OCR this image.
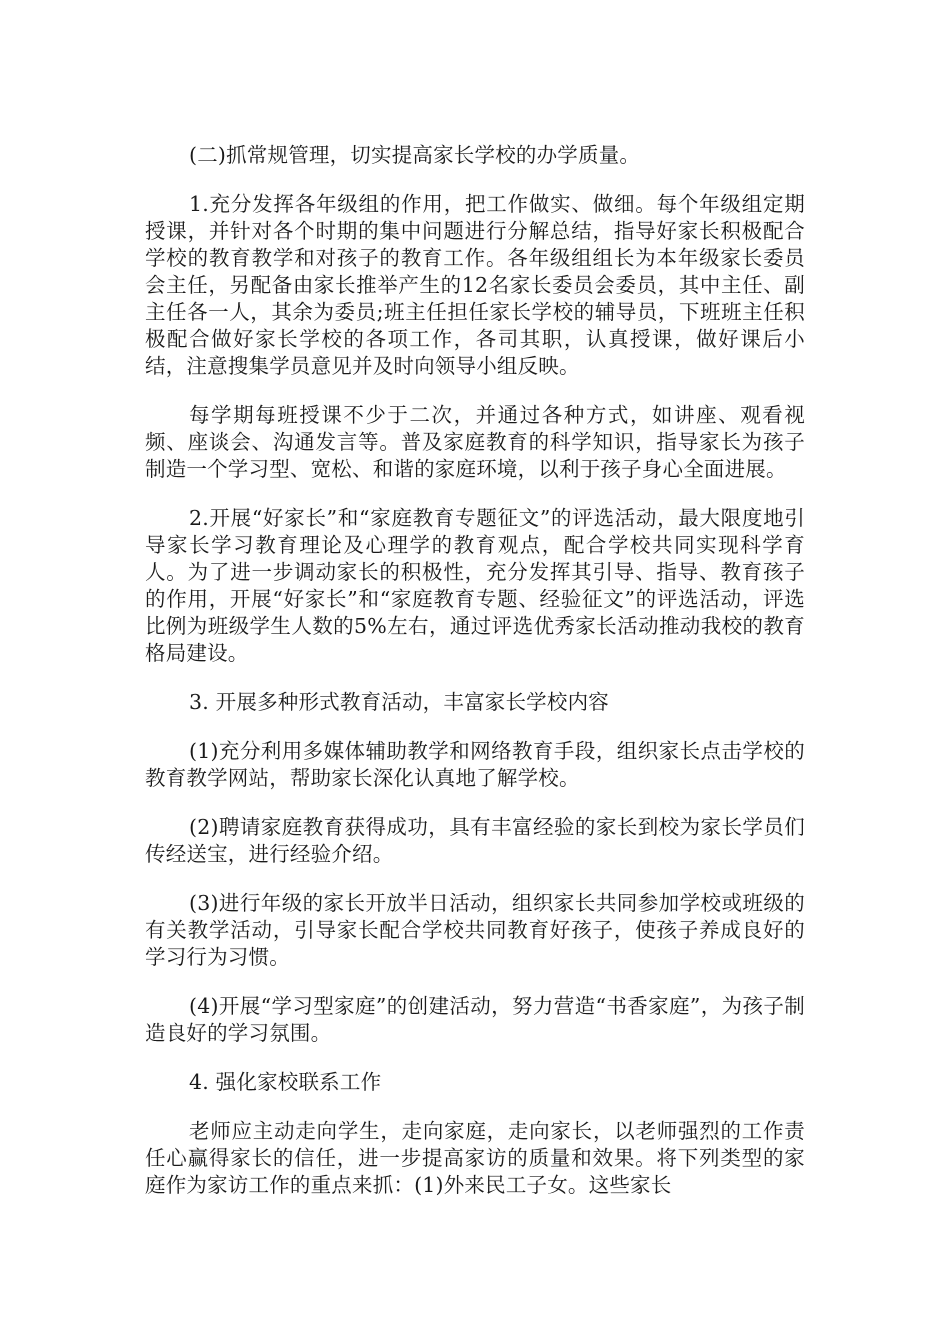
(二)抓常规管理，切实提高家长学校的办学质量。

1.充分发挥各年级组的作用，把工作做实、做细。每个年级组定期授课，并针对各个时期的集中问题进行分解总结，指导好家长积极配合学校的教育教学和对孩子的教育工作。各年级组组长为本年级家长委员会主任，另配备由家长推举产生的12名家长委员会委员，其中主任、副主任各一人，其余为委员;班主任担任家长学校的辅导员，下班班主任积极配合做好家长学校的各项工作，各司其职，认真授课，做好课后小结，注意搜集学员意见并及时向领导小组反映。

每学期每班授课不少于二次，并通过各种方式，如讲座、观看视频、座谈会、沟通发言等。普及家庭教育的科学知识，指导家长为孩子制造一个学习型、宽松、和谐的家庭环境，以利于孩子身心全面进展。

2.开展“好家长”和“家庭教育专题征文”的评选活动，最大限度地引导家长学习教育理论及心理学的教育观点，配合学校共同实现科学育人。为了进一步调动家长的积极性，充分发挥其引导、指导、教育孩子的作用，开展“好家长”和“家庭教育专题、经验征文”的评选活动，评选比例为班级学生人数的5%左右，通过评选优秀家长活动推动我校的教育格局建设。

3. 开展多种形式教育活动，丰富家长学校内容

(1)充分利用多媒体辅助教学和网络教育手段，组织家长点击学校的教育教学网站，帮助家长深化认真地了解学校。

(2)聘请家庭教育获得成功，具有丰富经验的家长到校为家长学员们传经送宝，进行经验介绍。

(3)进行年级的家长开放半日活动，组织家长共同参加学校或班级的有关教学活动，引导家长配合学校共同教育好孩子，使孩子养成良好的学习行为习惯。

(4)开展“学习型家庭”的创建活动，努力营造“书香家庭”，为孩子制造良好的学习氛围。

4. 强化家校联系工作

老师应主动走向学生，走向家庭，走向家长，以老师强烈的工作责任心赢得家长的信任，进一步提高家访的质量和效果。将下列类型的家庭作为家访工作的重点来抓：(1)外来民工子女。这些家长
